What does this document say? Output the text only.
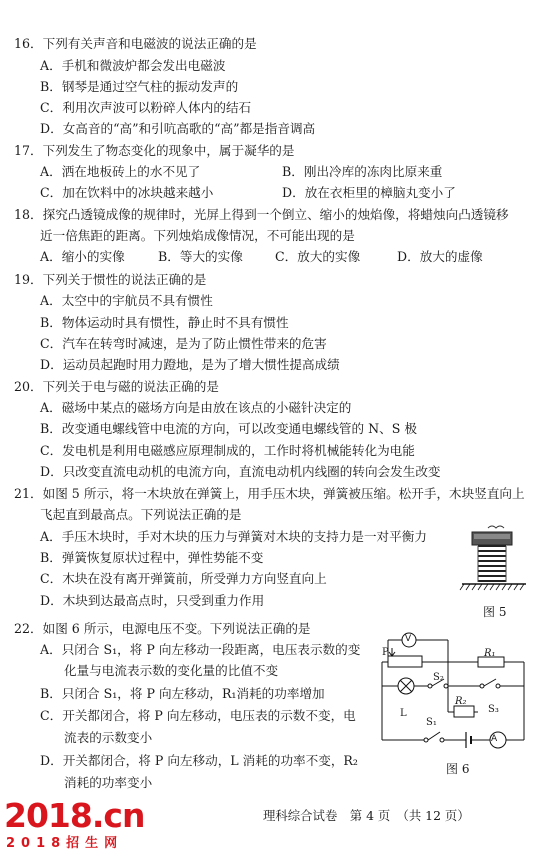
16．下列有关声音和电磁波的说法正确的是
A．手机和微波炉都会发出电磁波
B．钢琴是通过空气柱的振动发声的
C．利用次声波可以粉碎人体内的结石
D．女高音的“高”和引吭高歌的“高”都是指音调高
17．下列发生了物态变化的现象中，属于凝华的是
A．洒在地板砖上的水不见了	B．刚出冷库的冻肉比原来重
C．加在饮料中的冰块越来越小	D．放在衣柜里的樟脑丸变小了
18．探究凸透镜成像的规律时，光屏上得到一个倒立、缩小的烛焰像，将蜡烛向凸透镜移
近一倍焦距的距离。下列烛焰成像情况，不可能出现的是
A．缩小的实像	B．等大的实像	C．放大的实像	D．放大的虚像
19．下列关于惯性的说法正确的是
A．太空中的宇航员不具有惯性
B．物体运动时具有惯性，静止时不具有惯性
C．汽车在转弯时减速，是为了防止惯性带来的危害
D．运动员起跑时用力蹬地，是为了增大惯性提高成绩
20．下列关于电与磁的说法正确的是
A．磁场中某点的磁场方向是由放在该点的小磁针决定的
B．改变通电螺线管中电流的方向，可以改变通电螺线管的 N、S 极
C．发电机是利用电磁感应原理制成的，工作时将机械能转化为电能
D．只改变直流电动机的电流方向，直流电动机内线圈的转向会发生改变
21．如图 5 所示，将一木块放在弹簧上，用手压木块，弹簧被压缩。松开手，木块竖直向上
飞起直到最高点。下列说法正确的是
A．手压木块时，手对木块的压力与弹簧对木块的支持力是一对平衡力
B．弹簧恢复原状过程中，弹性势能不变
C．木块在没有离开弹簧前，所受弹力方向竖直向上
D．木块到达最高点时，只受到重力作用
图 5
22．如图 6 所示，电源电压不变。下列说法正确的是
A．只闭合 S₁，将 P 向左移动一段距离，电压表示数的变
化量与电流表示数的变化量的比值不变
B．只闭合 S₁，将 P 向左移动，R₁消耗的功率增加
C．开关都闭合，将 P 向左移动，电压表的示数不变，电
流表的示数变小
D．开关都闭合，将 P 向左移动，L 消耗的功率不变，R₂
消耗的功率变小
V
A
P	R₁
R₂
S₁
S₂
S₃
L
图 6
理科综合试卷　第 4 页　（共 12 页）
2018.cn
2018招生网
